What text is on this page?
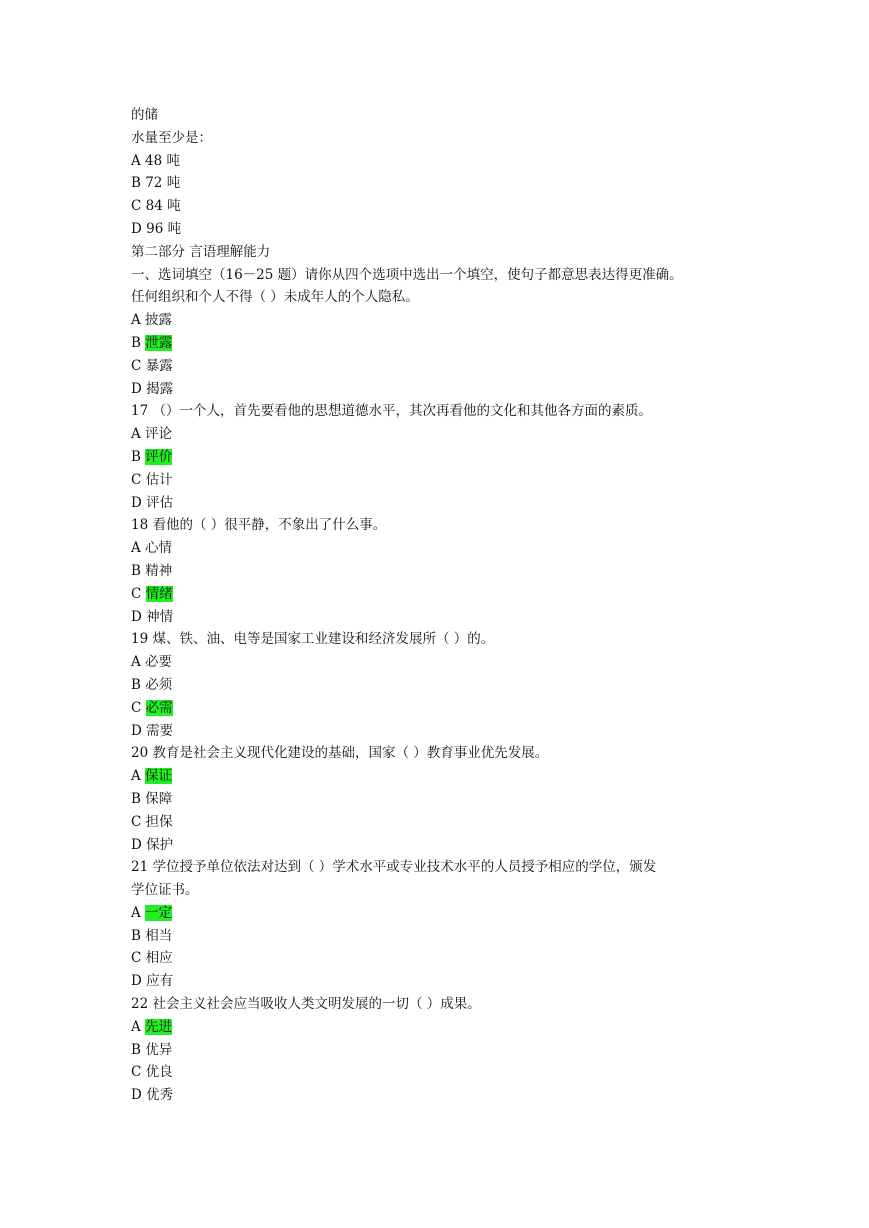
的储
水量至少是：
A 48 吨
B 72 吨
C 84 吨
D 96 吨
第二部分 言语理解能力
一、选词填空（16－25 题）请你从四个选项中选出一个填空，使句子都意思表达得更准确。
任何组织和个人不得（ ）未成年人的个人隐私。
A 披露
B 泄露
C 暴露
D 揭露
17 （）一个人，首先要看他的思想道德水平，其次再看他的文化和其他各方面的素质。
A 评论
B 评价
C 估计
D 评估
18 看他的（ ）很平静，不象出了什么事。
A 心情
B 精神
C 情绪
D 神情
19 煤、铁、油、电等是国家工业建设和经济发展所（ ）的。
A 必要
B 必须
C 必需
D 需要
20 教育是社会主义现代化建设的基础，国家（ ）教育事业优先发展。
A 保证
B 保障
C 担保
D 保护
21 学位授予单位依法对达到（ ）学术水平或专业技术水平的人员授予相应的学位，颁发
学位证书。
A 一定
B 相当
C 相应
D 应有
22 社会主义社会应当吸收人类文明发展的一切（ ）成果。
A 先进
B 优异
C 优良
D 优秀
